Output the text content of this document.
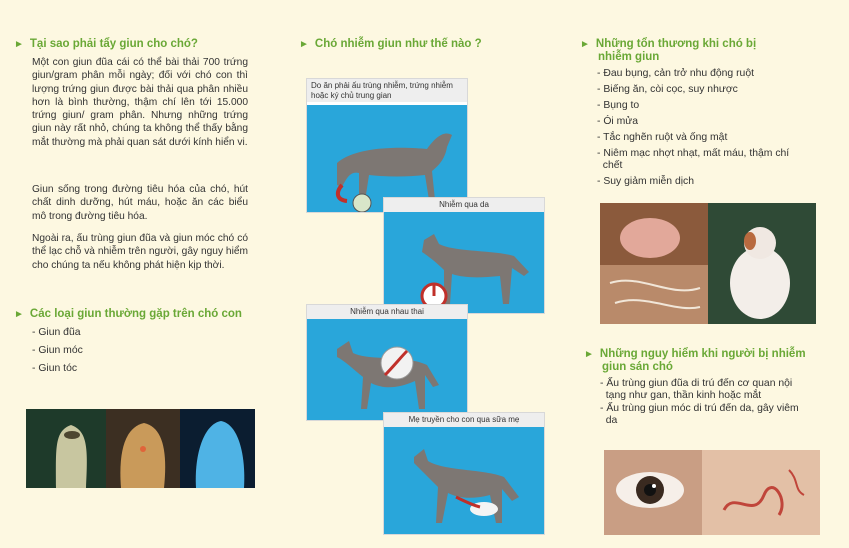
► Tại sao phải tẩy giun cho chó?
Một con giun đũa cái có thể bài thải 700 trứng giun/gram phân mỗi ngày; đối với chó con thì lượng trứng giun được bài thải qua phân nhiều hơn là bình thường, thậm chí lên tới 15.000 trứng giun/ gram phân. Nhưng những trứng giun này rất nhỏ, chúng ta không thể thấy bằng mắt thường mà phải quan sát dưới kính hiển vi.
Giun sống trong đường tiêu hóa của chó, hút chất dinh dưỡng, hút máu, hoặc ăn các biểu mô trong đường tiêu hóa.
Ngoài ra, ấu trùng giun đũa và giun móc chó có thể lạc chỗ và nhiễm trên người, gây nguy hiểm cho chúng ta nếu không phát hiện kịp thời.
► Các loại giun thường gặp trên chó con
- Giun đũa
- Giun móc
- Giun tóc
► Chó nhiễm giun như thế nào ?
Do ăn phải ấu trùng nhiễm, trứng nhiễm hoặc ký chủ trung gian
Nhiễm qua da
Nhiễm qua nhau thai
Mẹ truyền cho con qua sữa mẹ
► Những tổn thương khi chó bị
nhiễm giun
- Đau bụng, cản trở nhu động ruột
- Biếng ăn, còi cọc, suy nhược
- Bụng to
- Ói mửa
- Tắc nghẽn ruột và ống mật
- Niêm mạc nhợt nhạt, mất máu, thậm chí
chết
- Suy giảm miễn dịch
► Những nguy hiểm khi người bị nhiễm
giun sán chó
- Ấu trùng giun đũa di trú đến cơ quan nội
tạng như gan, thần kinh hoặc mắt
- Ấu trùng giun móc di trú đến da, gây viêm
da
